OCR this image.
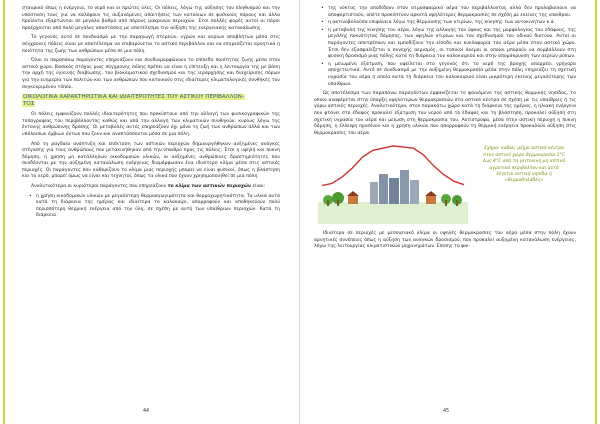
σταυρικό όπως η ενέργεια, το νερό και οι πρώτες ύλες. Οι πόλεις, λόγω της αύξησης του πληθυσμού και την υπόσταση τους για να καλύψουν τις αυξανόμενες απαιτήσεις των κατοίκων σε φυσικούς πόρους και άλλα προϊόντα εξαρτώνται σε μεγάλο βαθμό από πόρους μακρινών περιοχών. Έτσι πολλές φορές αυτοί οι πόροι προέρχονται από πολύ μεγάλες αποστάσεις με αποτέλεσμα την αύξηση της ενεργειακής κατανάλωσης.

Το γεγονός αυτό σε συνδυασμό με την παραγωγή στερεών, υγρών και αερίων αποβλήτων μέσα στις σύγχρονες πόλεις είναι με αποτέλεσμα να επιβαρύνεται το αστικό περιβάλλον και να επηρεάζεται αρνητικά η ποιότητα της ζωής των ανθρώπων μέσα σε μια πόλη.

Όλοι οι παραπάνω παράγοντες επηρεάζουν και συνδιαμορφώνουν το επίπεδο ποιότητας ζωής μέσα στον αστικό χώρο. Βασικός στόχος μιας σύγχρονης πόλης πρέπει να είναι η επίτευξη και η λειτουργία της με βάση την αρχή της υγιεινής διαβίωσης, του βιοκλιματικού σχεδιασμού και της ιεράρχησης και διαχείρισης πόρων για την ευημερία των πολιτών και των ανθρώπων που κατοικούν στις ιδιαίτερες κλιματολογικές συνθήκες του συγκεκριμένου τόπου.

ΟΙΚΟΛΟΓΙΚΑ ΧΑΡΑΚΤΗΡΙΣΤΙΚΑ ΚΑΙ ΙΔΙΑΙΤΕΡΟΤΗΤΕΣ ΤΟΥ ΑΣΤΙΚΟΥ ΠΕΡΙΒΑΛΛΟΝ-
ΤΟΣ

Οι πόλεις εμφανίζουν πολλές ιδιαιτερότητες που προκύπτουν από την αλλαγή των φυσικογραφικών της τοπογραφίας του περιβάλλοντος καθώς και από την αλλαγή των κλιματικών συνθηκών, κυρίως λόγω της έντονης ανθρώπινης δράσης. Οι μεταβολές αυτές επηρεάζουν όχι μόνο τη ζωή των ανθρώπων αλλά και των υπόλοιπων έμβιων όντων που ζουν και αναπτύσσονται μέσα σε μια πόλη.

Από τη ραγδαία ανάπτυξη και επέκταση των αστικών περιοχών δημιουργήθηκαν αυξημένες ανάγκες στέγασης για τους ανθρώπους που μετακινήθηκαν από την ύπαιθρο προς τις πόλεις. Έτσι η υψηλή και πυκνή δόμηση, η χρήση μη κατάλληλων οικοδομικών υλικών, οι αυξημένες ανθρώπινες δραστηριότητες που συνδέονται με την αυξημένη κατανάλωση ενέργειας διαμόρφωσαν ένα ιδιαίτερο κλίμα μέσα στις αστικές περιοχές. Οι παράγοντες που καθορίζουν το κλίμα μιας περιοχής μπορεί να είναι φυσικοί, όπως η βλάστηση και το νερό, μπορεί όμως να είναι και τεχνητοί, όπως τα υλικά που έχουν χρησιμοποιηθεί σε μια πόλη.

Αναλυτικότερα οι κυριότεροι παράγοντες που επηρεάζουν το κλίμα των αστικών περιοχών είναι:

• η χρήση οικοδομικών υλικών με μεγαλύτερη θερμοαγωγιμότητα και θερμοχωρητικότητα. Τα υλικά αυτά κατά τη διάρκεια της ημέρας και ιδιαίτερα το καλοκαίρι, απορροφούν και αποθηκεύουν πολύ περισσότερη θερμική ενέργεια από την ύλη, σε σχέση με αυτή των υπαίθριων περιοχών. Κατά τη διάρκεια
44
• της νύκτας την αποδίδουν στον ατμοσφαιρικό αέρα του περιβάλλοντος αλλά δεν προλαβαίνουν να αποφορτιστούν, οπότε προκύπτουν αρκετά υψηλότερες θερμοκρασίες σε σχέση με εκείνες της υπαίθρου.
• η ακτινοβολούσα επιφάνεια λόγω της θέρμανσης των κτιρίων, της κίνησης των αυτοκινήτων κ.ά.
• η μεταβολή της κίνησης του αέρα, λόγω της αλλαγής του ύψους και της μορφολογίας του εδάφους, της μεγάλης πυκνότητας δόμησης, των υψηλών κτιρίων και του σχεδιασμού του οδικού δικτύου. Αυτοί οι παράγοντες αποτρέπουν και εμποδίζουν την είσοδο και κυκλοφορία του αέρα μέσα στον αστικό χώρο. Έτσι δεν εξασφαλίζεται ο συνεχής αερισμός, οι τοπικοί άνεμοι οι οποίοι μπορούν να συμβάλλουν στη φυσική δροσισμό μιας πόλης κατά τη διάρκεια του καλοκαιριού και στην απομάκρυνση των αερίων ρύπων.
• η μειωμένη εξάτμιση, που οφείλεται στο γεγονός ότι το νερό της βροχής απορρέει γρήγορα αποχετευτικά. Αυτό σε συνδυασμό με την αυξημένη θερμοκρασία μέσα στην πόλη επηρεάζει τη σχετική υγρασία του αέρα η οποία κατά τη διάρκεια του καλοκαιριού είναι μικρότερη εκείνης μεγαλύτερης των υπαίθρων.

Ως αποτέλεσμα των παραπάνω παραγόντων εμφανίζεται το φαινόμενο της αστικής θερμικής νησίδας, το οποίο αναφέρεται στην ύπαρξη υψηλότερων θερμοκρασιών στα αστικά κέντρα σε σχέση με τις υπαίθριες ή τις γύρω αστικές περιοχές. Αναλυτικότερα, στον παρακάτω χώρο κατά τη διάρκεια της ημέρας, η ηλιακή ενέργεια που φτάνει στο έδαφος προκαλεί εξάτμιση του νερού από το έδαφος και τη βλάστηση, προκαλεί αύξηση στη σχετική υγρασία του αέρα και μείωση στη θερμοκρασία του. Αντίστροφα, μέσα στην αστική περιοχή η πυκνή δόμηση, η έλλειψη πρασίνου και η χρήση υλικών που απορροφούν τη θερμική ενέργεια προκαλούν αύξηση στις θερμοκρασίες του αέρα.

Σχήμα: καθώς μέχρι αστικό κέντρο
στον αστικό χώρο θερμοκρασία 1°C
έως 4°C από τη γειτονική μη αστικό
αγροτικό περιβάλλον και αυτό
λέγεται αστική νησίδα ή
«θερμοθηλάδες»

Ιδιαίτερα σε περιοχές με μεσογειακό κλίμα οι υψηλές θερμοκρασίες του αέρα μέσα στην πόλη έχουν αρνητικές συνέπειες όπως η αύξηση των αναγκών δροσισμού, που προκαλεί αυξημένη κατανάλωση ενέργειας, λόγω της λειτουργίας κλιματιστικών μηχανημάτων. Επίσης το φαι-

45
